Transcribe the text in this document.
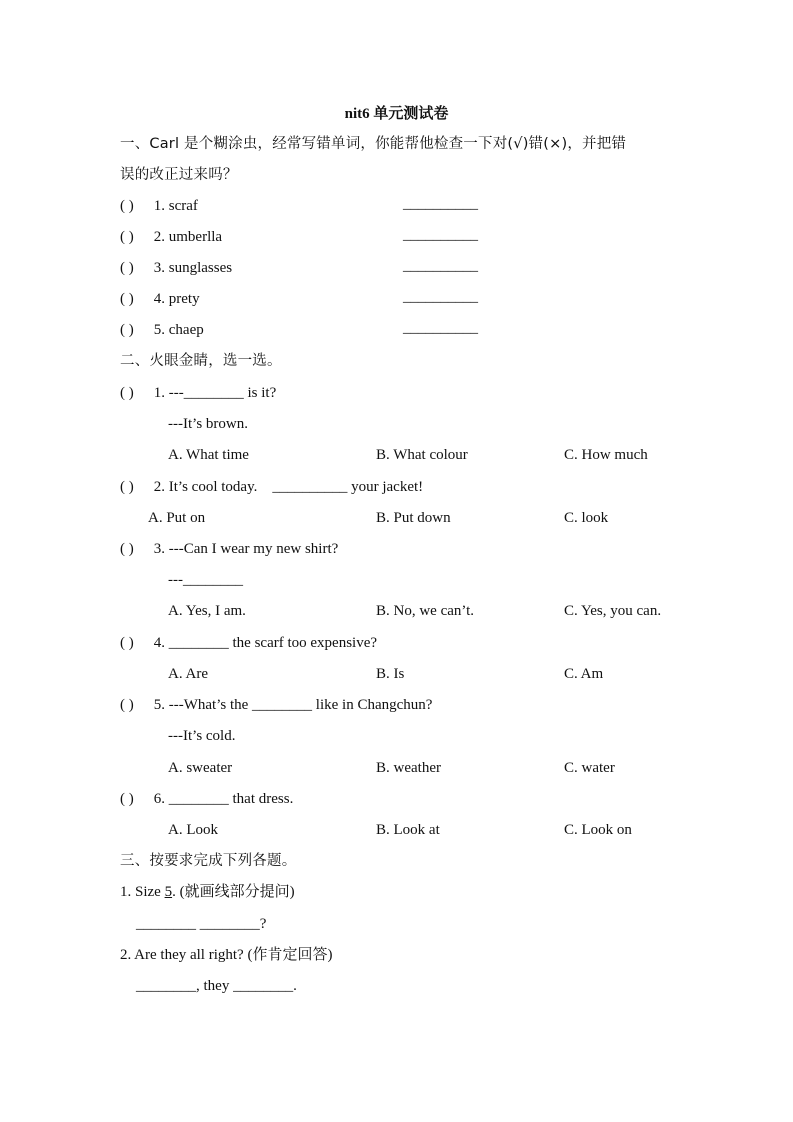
nit6 单元测试卷
一、Carl 是个糊涂虫，经常写错单词，你能帮他检查一下对(√)错(×)，并把错
误的改正过来吗？
( ) 1. scraf	__________
( ) 2. umberlla	__________
( ) 3. sunglasses	__________
( ) 4. prety	__________
( ) 5. chaep	__________
二、火眼金睛，选一选。
( ) 1. ---________ is it?
---It’s brown.
A. What time	B. What colour	C. How much
( ) 2. It’s cool today.    __________ your jacket!
A. Put on	B. Put down	C. look
( ) 3. ---Can I wear my new shirt?
---________
A. Yes, I am.	B. No, we can’t.	C. Yes, you can.
( ) 4. ________ the scarf too expensive?
A. Are	B. Is	C. Am
( ) 5. ---What’s the ________ like in Changchun?
---It’s cold.
A. sweater	B. weather	C. water
( ) 6. ________ that dress.
A. Look	B. Look at	C. Look on
三、按要求完成下列各题。
1. Size 5. (就画线部分提问)
________ ________?
2. Are they all right? (作肯定回答)
________, they ________.
